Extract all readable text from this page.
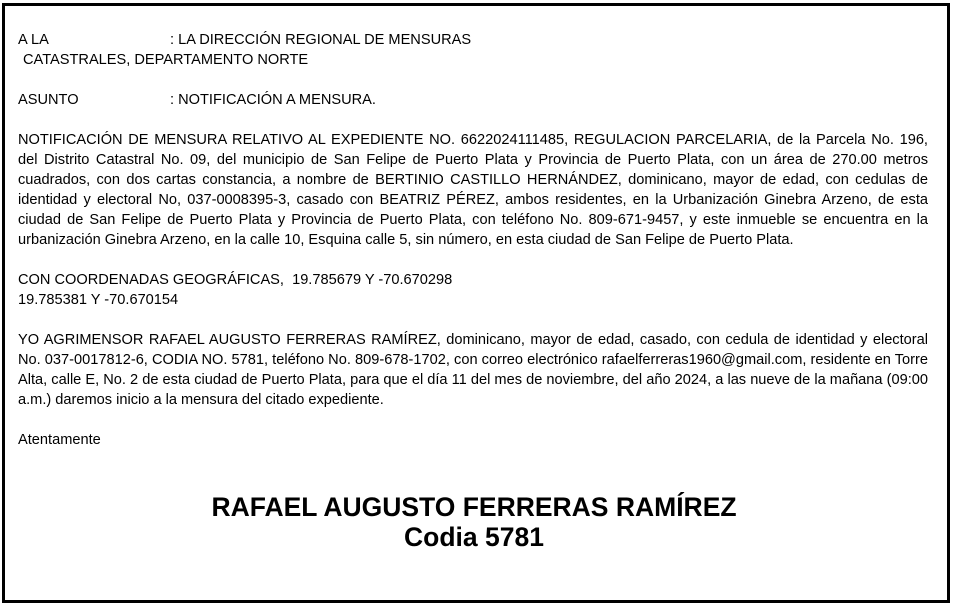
A LA	: LA DIRECCIÓN REGIONAL DE MENSURAS
CATASTRALES, DEPARTAMENTO NORTE
ASUNTO	: NOTIFICACIÓN A MENSURA.

NOTIFICACIÓN DE MENSURA RELATIVO AL EXPEDIENTE NO. 6622024111485, REGULACION PARCELARIA, de la Parcela No. 196, del Distrito Catastral No. 09, del municipio de San Felipe de Puerto Plata y Provincia de Puerto Plata, con un área de 270.00 metros cuadrados, con dos cartas constancia, a nombre de BERTINIO CASTILLO HERNÁNDEZ, dominicano, mayor de edad, con cedulas de identidad y electoral No, 037-0008395-3, casado con BEATRIZ PÉREZ, ambos residentes, en la Urbanización Ginebra Arzeno, de esta ciudad de San Felipe de Puerto Plata y Provincia de Puerto Plata, con teléfono No. 809-671-9457, y este inmueble se encuentra en la urbanización Ginebra Arzeno, en la calle 10, Esquina calle 5, sin número, en esta ciudad de San Felipe de Puerto Plata.

CON COORDENADAS GEOGRÁFICAS,  19.785679 Y -70.670298
19.785381 Y -70.670154

YO AGRIMENSOR RAFAEL AUGUSTO FERRERAS RAMÍREZ, dominicano, mayor de edad, casado, con cedula de identidad y electoral No. 037-0017812-6, CODIA NO. 5781, teléfono No. 809-678-1702, con correo electrónico rafaelferreras1960@gmail.com, residente en Torre Alta, calle E, No. 2 de esta ciudad de Puerto Plata, para que el día 11 del mes de noviembre, del año 2024, a las nueve de la mañana (09:00 a.m.) daremos inicio a la mensura del citado expediente.

Atentamente
RAFAEL AUGUSTO FERRERAS RAMÍREZ
Codia 5781
